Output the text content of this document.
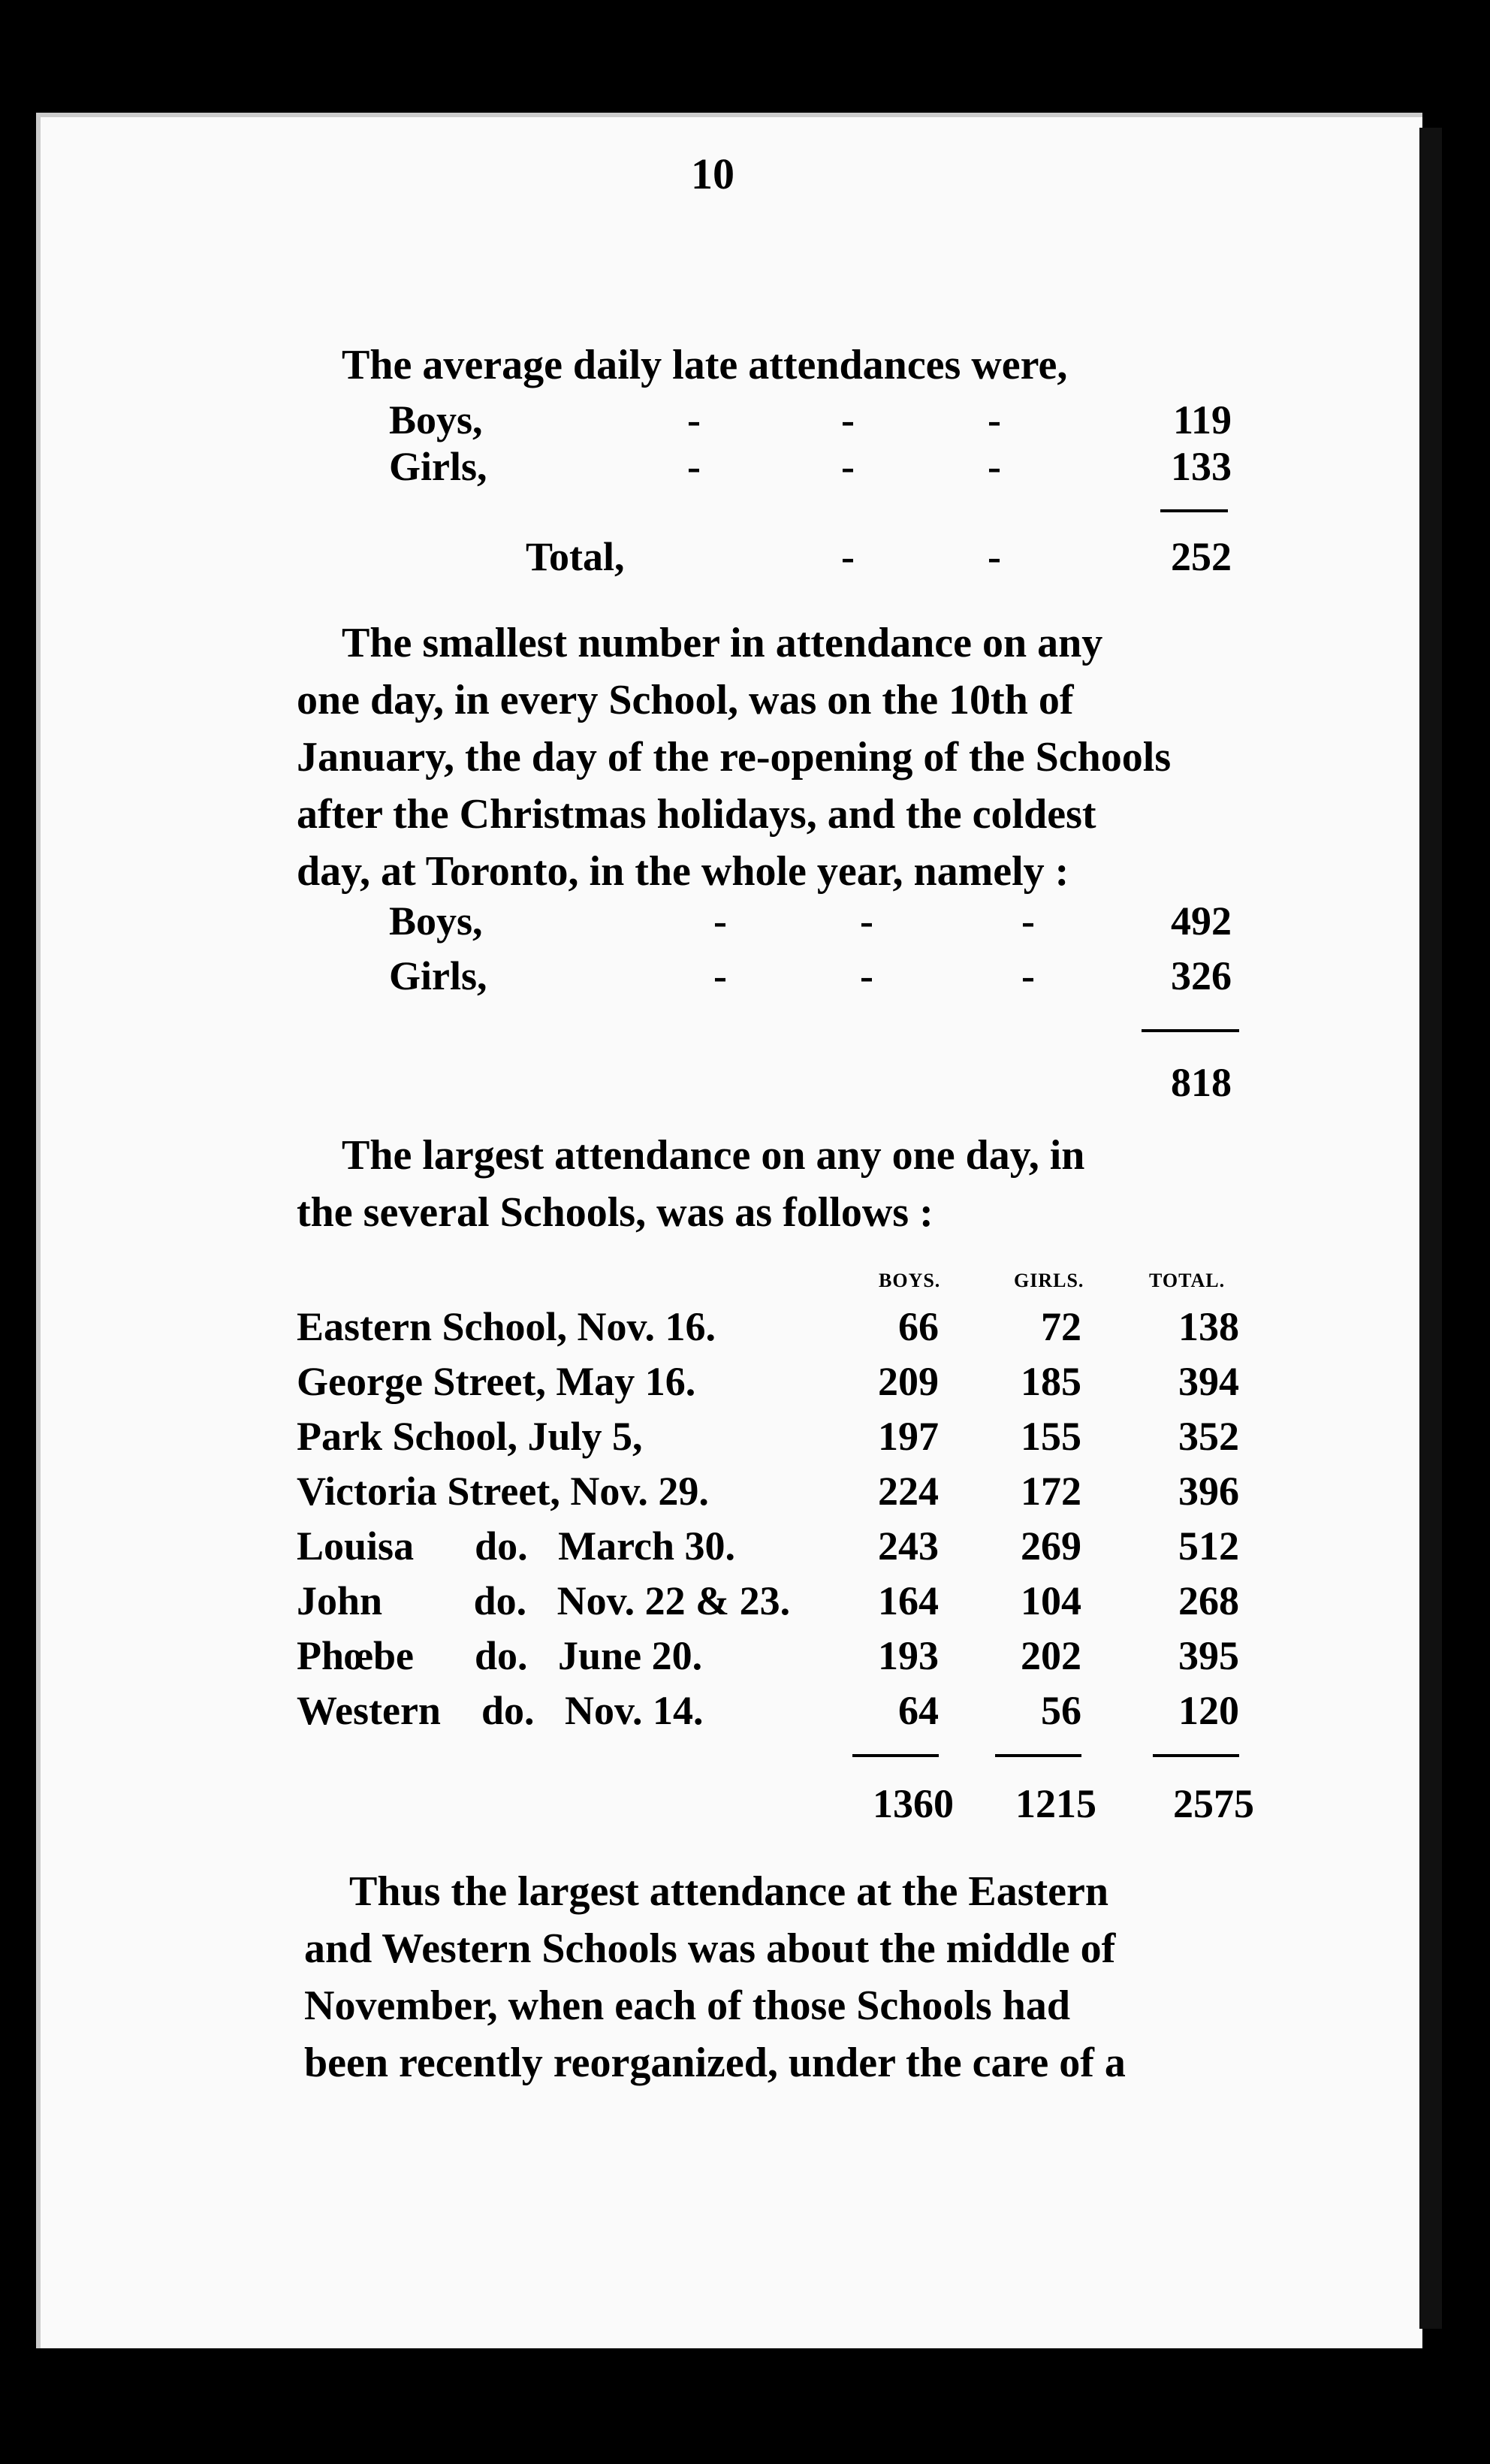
10
The average daily late attendances were,
Boys,	-	-	-	119
Girls,	-	-	-	133
Total,	-	-	252
The smallest number in attendance on any
one day, in every School, was on the 10th of
January, the day of the re-opening of the Schools
after the Christmas holidays, and the coldest
day, at Toronto, in the whole year, namely :
Boys,	-	-	-	492
Girls,	-	-	-	326
818
The largest attendance on any one day, in
the several Schools, was as follows :
BOYS.	GIRLS.	TOTAL.
Eastern School, Nov. 16.	66	72	138
George Street, May 16.	209	185	394
Park School, July 5,	197	155	352
Victoria Street, Nov. 29.	224	172	396
Louisa      do.   March 30.	243	269	512
John         do.   Nov. 22 & 23.	164	104	268
Phœbe      do.   June 20.	193	202	395
Western    do.   Nov. 14.	64	56	120
1360	1215	2575
Thus the largest attendance at the Eastern
and Western Schools was about the middle of
November, when each of those Schools had
been recently reorganized, under the care of a
